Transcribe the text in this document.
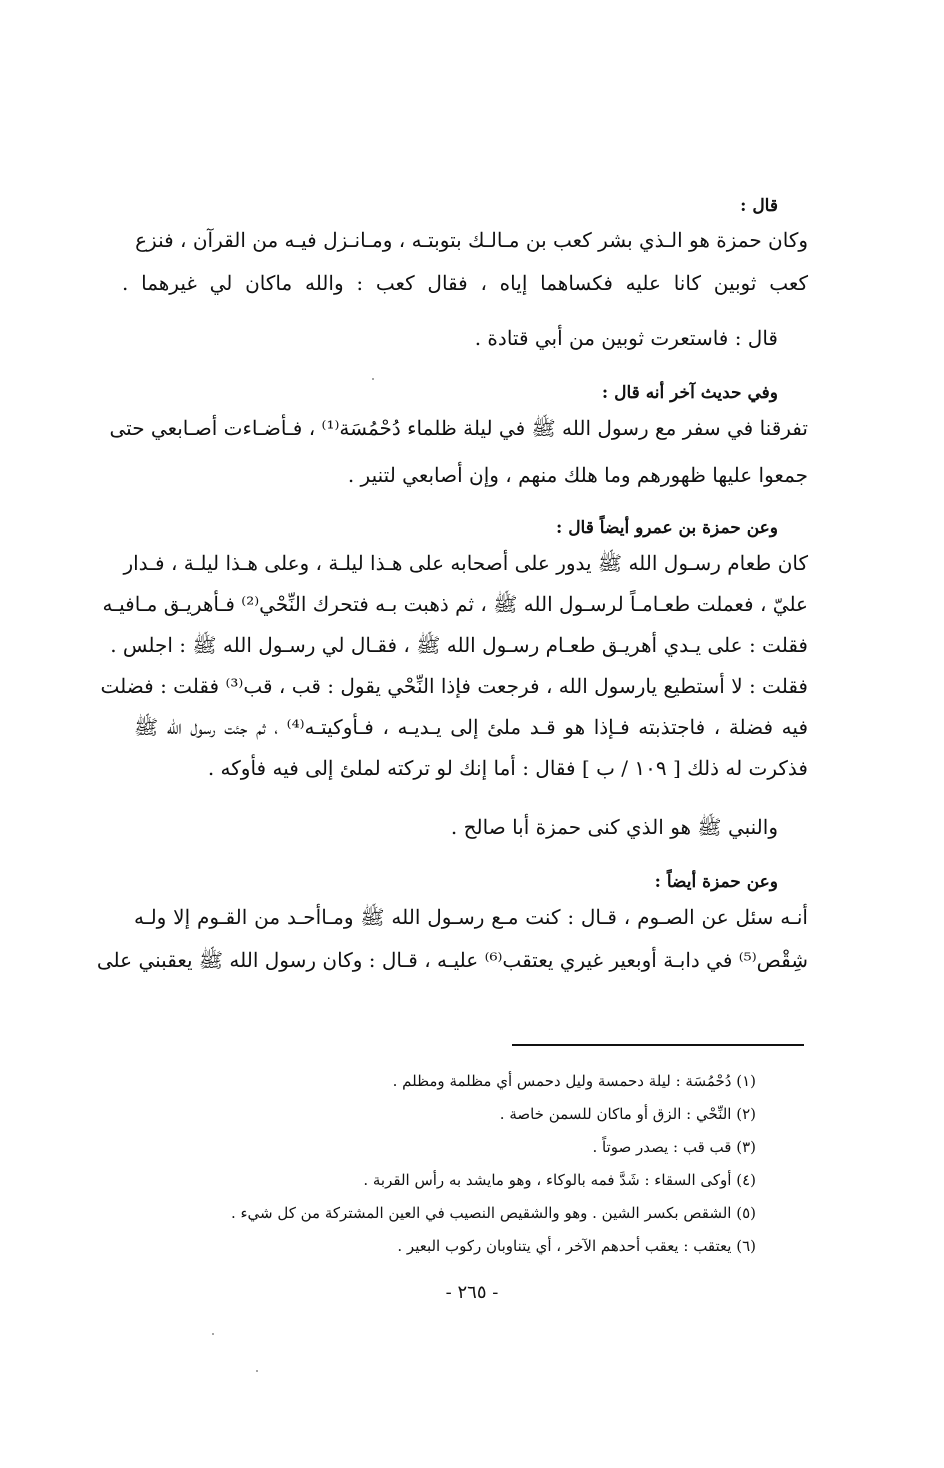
قال :
وكان حمزة هو الـذي بشر كعب بن مـالـك بتوبتـه ، ومـانـزل فيـه من القرآن ، فنزع
كعب ثوبين كانا عليه فكساهما إياه ، فقال كعب : والله ماكان لي غيرهما .
قال : فاستعرت ثوبين من أبي قتادة .
وفي حديث آخر أنه قال :
تفرقنا في سفر مع رسول الله ﷺ في ليلة ظلماء دُحْمُسَة⁽¹⁾ ، فـأضـاءت أصـابعي حتى
جمعوا عليها ظهورهم وما هلك منهم ، وإن أصابعي لتنير .
وعن حمزة بن عمرو أيضاً قال :
كان طعام رسـول الله ﷺ يدور على أصحابه على هـذا ليلـة ، وعلى هـذا ليلـة ، فـدار
عليّ ، فعملت طعـامـاً لرسـول الله ﷺ ، ثم ذهبت بـه فتحرك النِّحْي⁽²⁾ فـأهريـق مـافيـه
فقلت : على يـدي أهريـق طعـام رسـول الله ﷺ ، فقـال لي رسـول الله ﷺ : اجلس .
فقلت : لا أستطيع يارسول الله ، فرجعت فإذا النِّحْي يقول : قب ، قب⁽³⁾ فقلت : فضلت
فيه فضلة ، فاجتذبته فـإذا هو قـد ملئ إلى يـديـه ، فـأوكيتـه⁽⁴⁾ ، ثم جئت رسول الله ﷺ
فذكرت له ذلك [ ١٠٩ / ب ] فقال : أما إنك لو تركته لملئ إلى فيه فأوكه .
والنبي ﷺ هو الذي كنى حمزة أبا صالح .
وعن حمزة أيضاً :
أنـه سئل عن الصـوم ، قـال : كنت مـع رسـول الله ﷺ ومـاأحـد من القـوم إلا ولـه
شِقْص⁽⁵⁾ في دابـة أوبعير غيري يعتقب⁽⁶⁾ عليـه ، قـال : وكان رسول الله ﷺ يعقبني على
(١) دُحْمُسَة : ليلة دحمسة وليل دحمس أي مظلمة ومظلم .
(٢) النِّحْي : الزق أو ماكان للسمن خاصة .
(٣) قب قب : يصدر صوتاً .
(٤) أوكى السقاء : شَدَّ فمه بالوكاء ، وهو مايشد به رأس القربة .
(٥) الشقص بكسر الشين . وهو والشقيص النصيب في العين المشتركة من كل شيء .
(٦) يعتقب : يعقب أحدهم الآخر ، أي يتناوبان ركوب البعير .
- ٢٦٥ -
